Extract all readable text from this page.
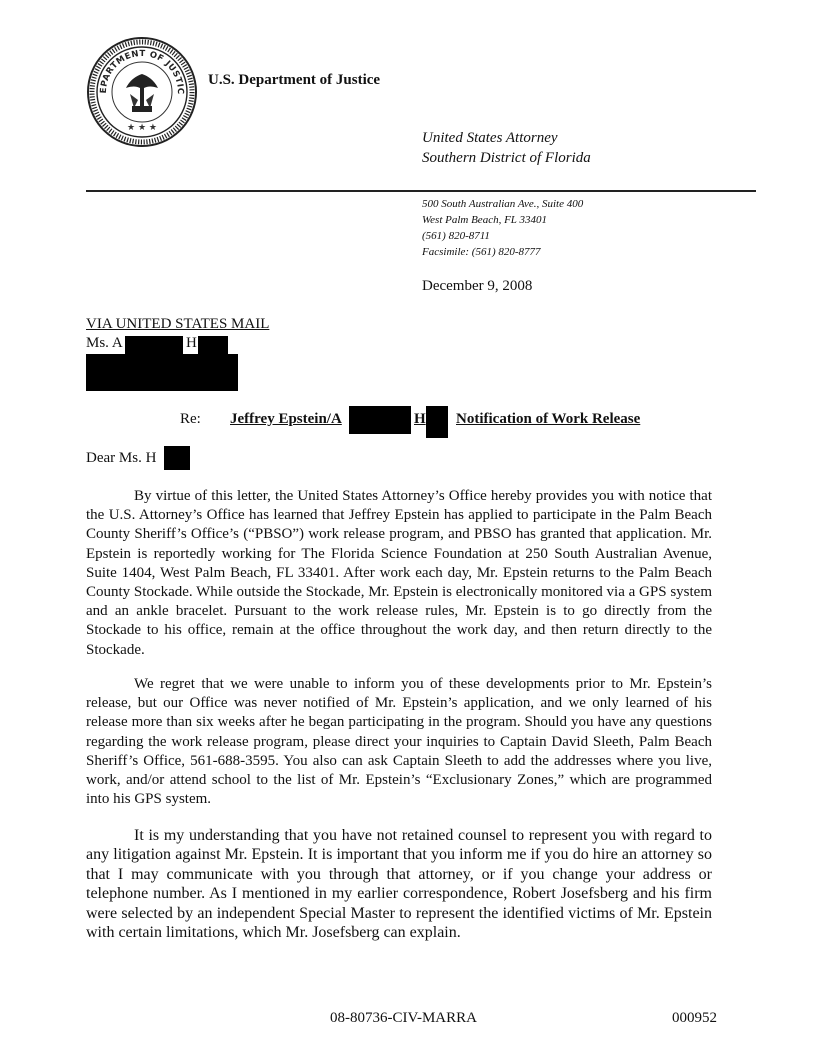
EPARTMENT OF JUSTIC
★ ★ ★
U.S. Department of Justice
United States Attorney
Southern District of Florida
500 South Australian Ave., Suite 400
West Palm Beach, FL 33401
(561) 820-8711
Facsimile: (561) 820-8777
December 9, 2008
VIA UNITED STATES MAIL
Ms. A	H
Re: Jeffrey Epstein/A	H Notification of Work Release
Dear Ms. H

By virtue of this letter, the United States Attorney’s Office hereby provides you with notice that the U.S. Attorney’s Office has learned that Jeffrey Epstein has applied to participate in the Palm Beach County Sheriff’s Office’s (“PBSO”) work release program, and PBSO has granted that application. Mr. Epstein is reportedly working for The Florida Science Foundation at 250 South Australian Avenue, Suite 1404, West Palm Beach, FL 33401. After work each day, Mr. Epstein returns to the Palm Beach County Stockade. While outside the Stockade, Mr. Epstein is electronically monitored via a GPS system and an ankle bracelet. Pursuant to the work release rules, Mr. Epstein is to go directly from the Stockade to his office, remain at the office throughout the work day, and then return directly to the Stockade.

We regret that we were unable to inform you of these developments prior to Mr. Epstein’s release, but our Office was never notified of Mr. Epstein’s application, and we only learned of his release more than six weeks after he began participating in the program. Should you have any questions regarding the work release program, please direct your inquiries to Captain David Sleeth, Palm Beach Sheriff’s Office, 561-688-3595. You also can ask Captain Sleeth to add the addresses where you live, work, and/or attend school to the list of Mr. Epstein’s “Exclusionary Zones,” which are programmed into his GPS system.

It is my understanding that you have not retained counsel to represent you with regard to any litigation against Mr. Epstein. It is important that you inform me if you do hire an attorney so that I may communicate with you through that attorney, or if you change your address or telephone number. As I mentioned in my earlier correspondence, Robert Josefsberg and his firm were selected by an independent Special Master to represent the identified victims of Mr. Epstein with certain limitations, which Mr. Josefsberg can explain.

08-80736-CIV-MARRA	000952
